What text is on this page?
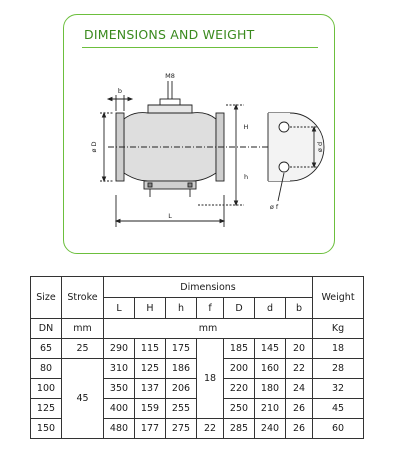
DIMENSIONS AND WEIGHT
M8
b
ø D
H
h
L
ø d
ø f
Size	Stroke	Dimensions							Weight
		L	H	h	f	D	d	b	
DN	mm	mm							Kg
65	25	290	115	175	18	185	145	20	18
80	45	310	125	186		200	160	22	28
100		350	137	206		220	180	24	32
125		400	159	255		250	210	26	45
150		480	177	275	22	285	240	26	60
